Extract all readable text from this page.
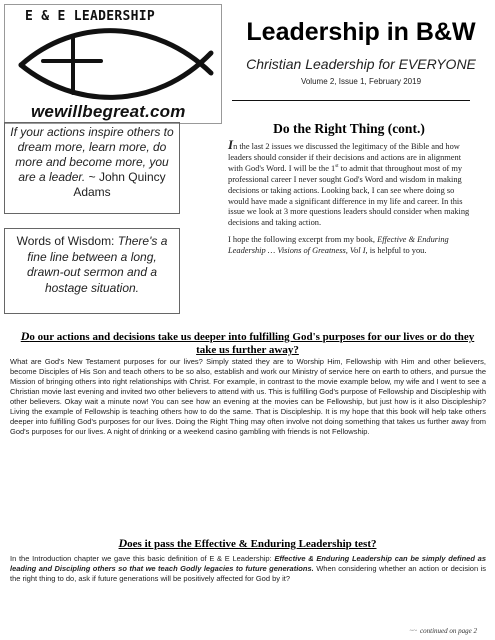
E & E LEADERSHIP
wewillbegreat.com
Leadership in B&W
Christian Leadership for EVERYONE
Volume 2, Issue 1, February 2019
If your actions inspire others to dream more, learn more, do more and become more, you are a leader. ~ John Quincy Adams
Words of Wisdom: There's a fine line between a long, drawn-out sermon and a hostage situation.
Do the Right Thing (cont.)

In the last 2 issues we discussed the legitimacy of the Bible and how leaders should consider if their decisions and actions are in alignment with God's Word. I will be the 1st to admit that throughout most of my professional career I never sought God's Word and wisdom in making decisions or taking actions. Looking back, I can see where doing so would have made a significant difference in my life and career. In this issue we look at 3 more questions leaders should consider when making decisions and taking action.

I hope the following excerpt from my book, Effective & Enduring Leadership … Visions of Greatness, Vol I, is helpful to you.

Do our actions and decisions take us deeper into fulfilling God's purposes for our lives or do they take us further away?
What are God's New Testament purposes for our lives? Simply stated they are to Worship Him, Fellowship with Him and other believers, become Disciples of His Son and teach others to be so also, establish and work our Ministry of service here on earth to others, and pursue the Mission of bringing others into right relationships with Christ. For example, in contrast to the movie example below, my wife and I went to see a Christian movie last evening and invited two other believers to attend with us. This is fulfilling God's purpose of Fellowship and Discipleship with other believers. Okay wait a minute now! You can see how an evening at the movies can be Fellowship, but just how is it also Discipleship? Living the example of Fellowship is teaching others how to do the same. That is Discipleship. It is my hope that this book will help take others deeper into fulfilling God's purposes for our lives. Doing the Right Thing may often involve not doing something that takes us further away from God's purposes for our lives. A night of drinking or a weekend casino gambling with friends is not Fellowship.
Does it pass the Effective & Enduring Leadership test?
In the Introduction chapter we gave this basic definition of E & E Leadership: Effective & Enduring Leadership can be simply defined as leading and Discipling others so that we teach Godly legacies to future generations. When considering whether an action or decision is the right thing to do, ask if future generations will be positively affected for God by it?
~~ continued on page 2
